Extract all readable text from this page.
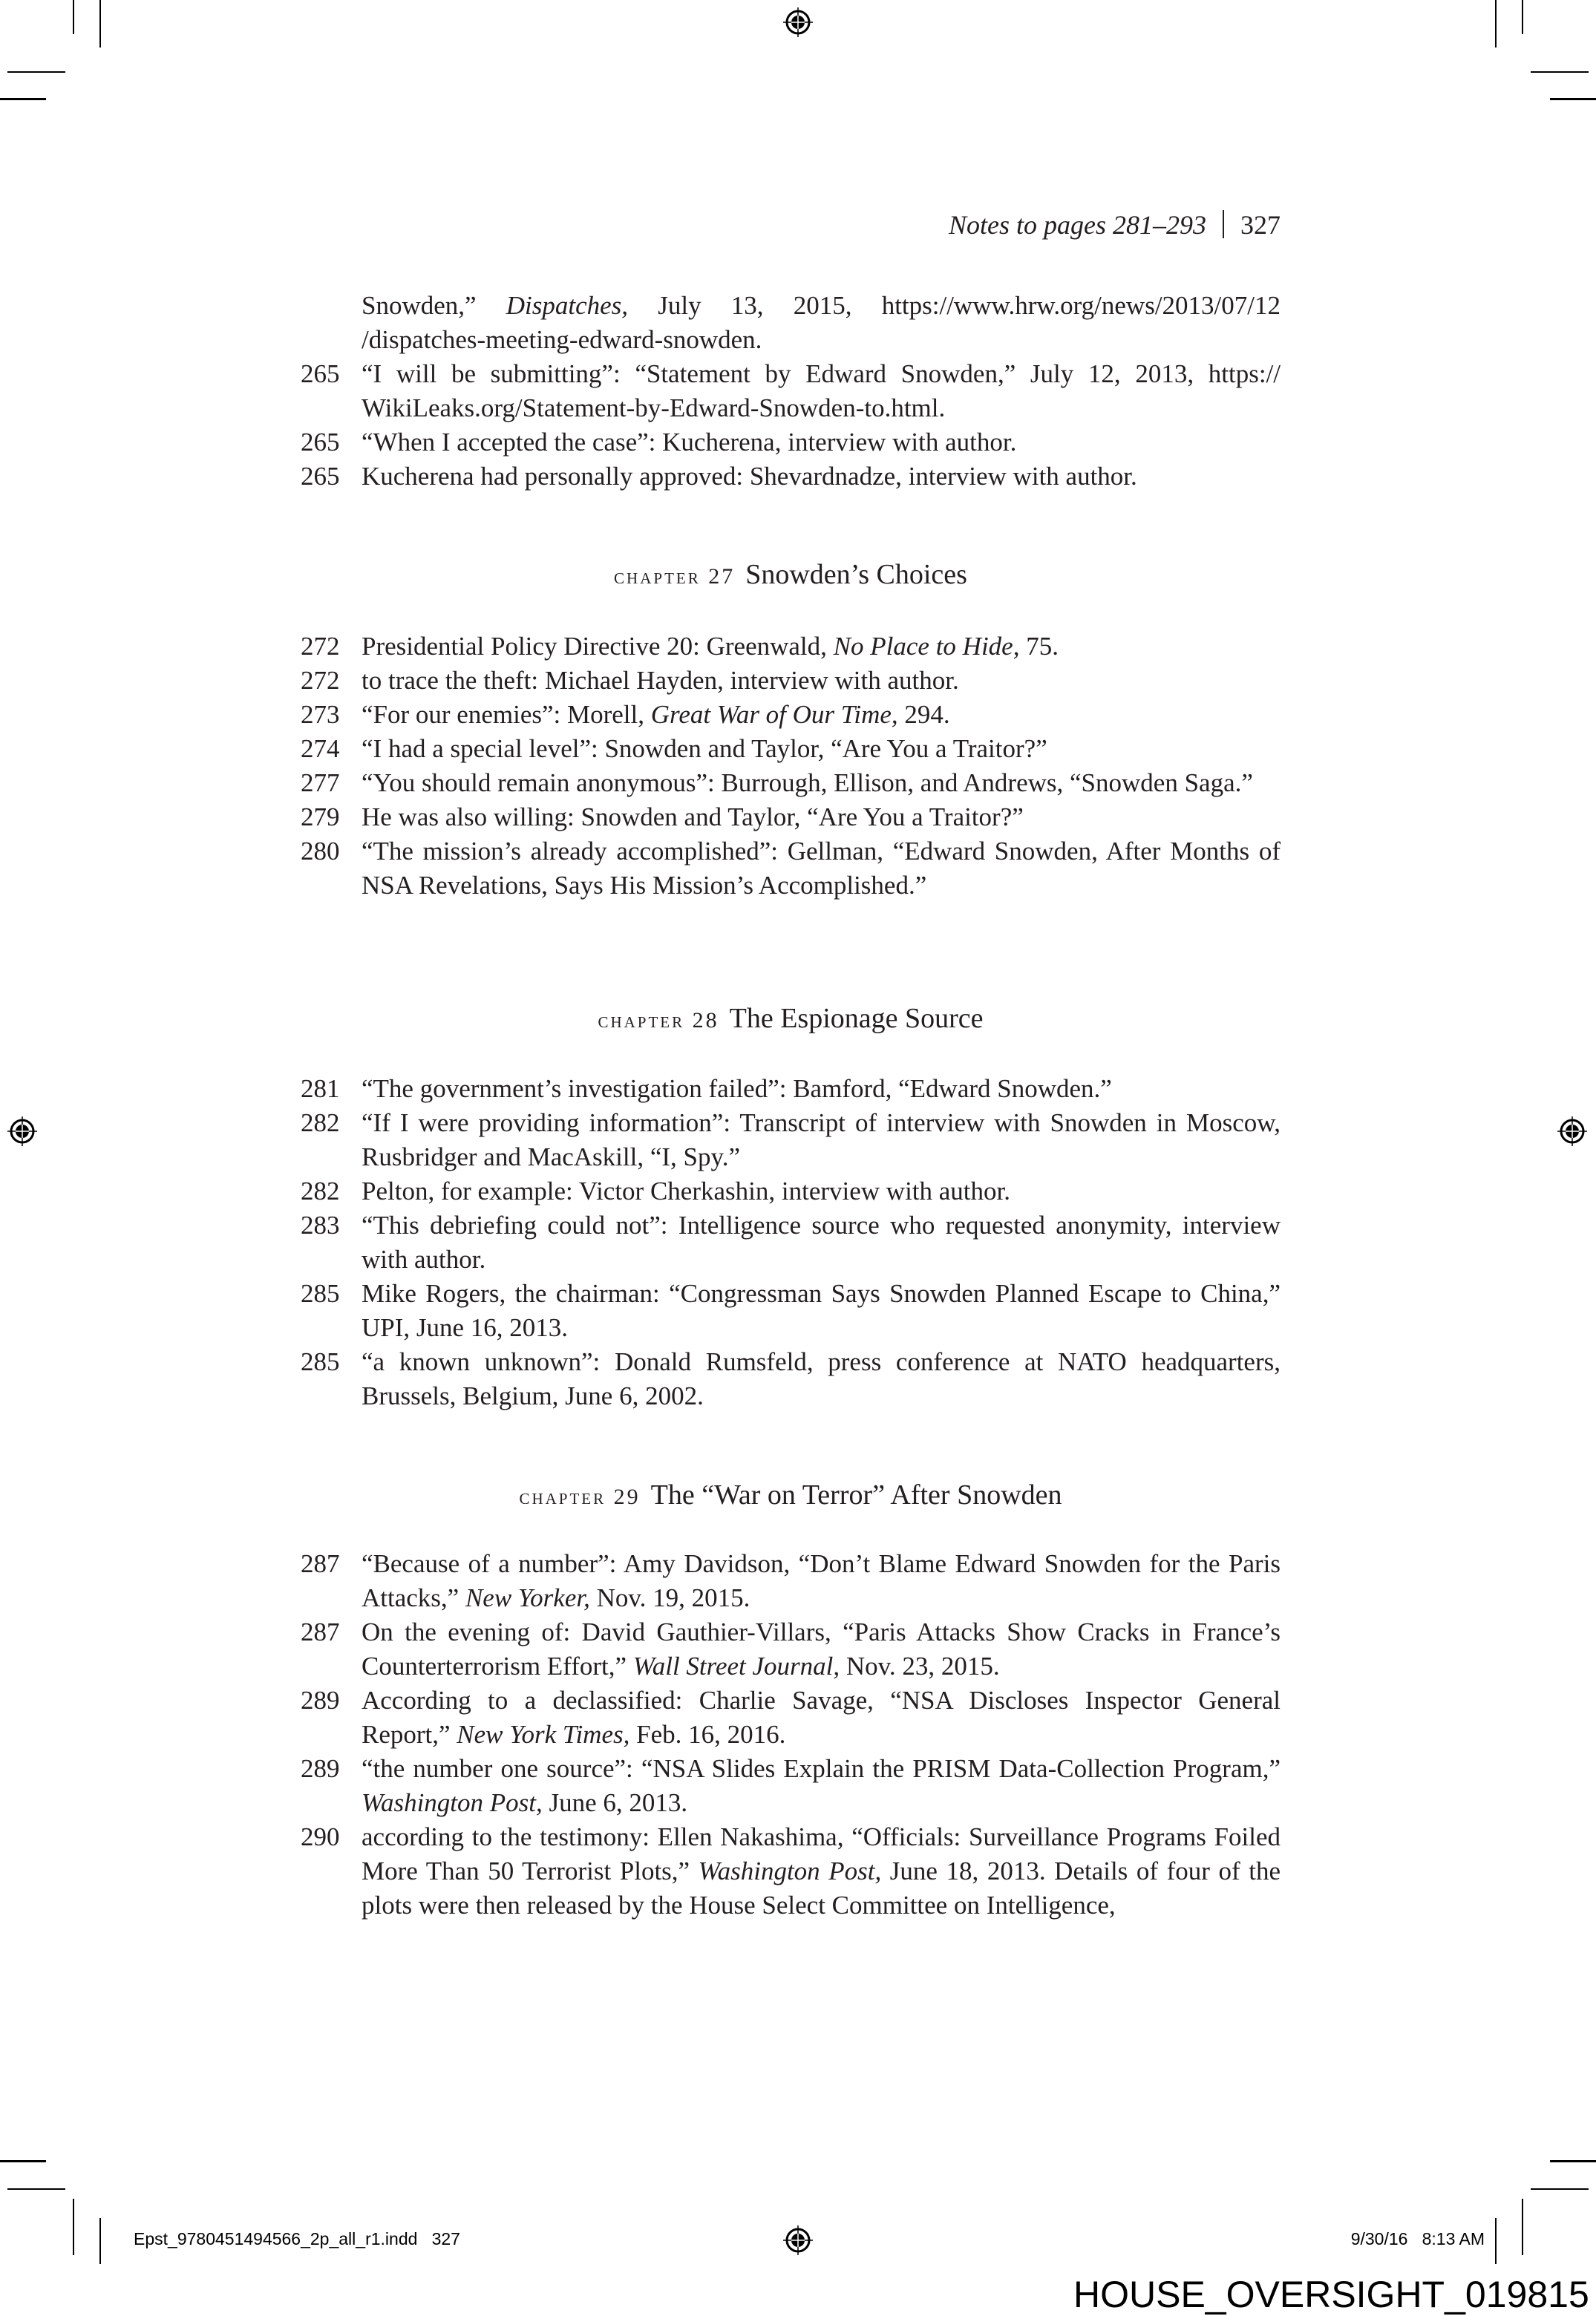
Notes to pages 281–293 327
Snowden,” Dispatches, July 13, 2015, https://www.hrw.org/news/2013/07/12 /dispatches-meeting-edward-snowden.
265 “I will be submitting”: “Statement by Edward Snowden,” July 12, 2013, https:// WikiLeaks.org/Statement-by-Edward-Snowden-to.html.
265 “When I accepted the case”: Kucherena, interview with author.
265 Kucherena had personally approved: Shevardnadze, interview with author.
chapter 27 Snowden’s Choices
272 Presidential Policy Directive 20: Greenwald, No Place to Hide, 75.
272 to trace the theft: Michael Hayden, interview with author.
273 “For our enemies”: Morell, Great War of Our Time, 294.
274 “I had a special level”: Snowden and Taylor, “Are You a Traitor?”
277 “You should remain anonymous”: Burrough, Ellison, and Andrews, “Snowden Saga.”
279 He was also willing: Snowden and Taylor, “Are You a Traitor?”
280 “The mission’s already accomplished”: Gellman, “Edward Snowden, After Months of NSA Revelations, Says His Mission’s Accomplished.”
chapter 28 The Espionage Source
281 “The government’s investigation failed”: Bamford, “Edward Snowden.”
282 “If I were providing information”: Transcript of interview with Snowden in Moscow, Rusbridger and MacAskill, “I, Spy.”
282 Pelton, for example: Victor Cherkashin, interview with author.
283 “This debriefing could not”: Intelligence source who requested anonymity, interview with author.
285 Mike Rogers, the chairman: “Congressman Says Snowden Planned Escape to China,” UPI, June 16, 2013.
285 “a known unknown”: Donald Rumsfeld, press conference at NATO headquarters, Brussels, Belgium, June 6, 2002.
chapter 29 The “War on Terror” After Snowden
287 “Because of a number”: Amy Davidson, “Don’t Blame Edward Snowden for the Paris Attacks,” New Yorker, Nov. 19, 2015.
287 On the evening of: David Gauthier-Villars, “Paris Attacks Show Cracks in France’s Counterterrorism Effort,” Wall Street Journal, Nov. 23, 2015.
289 According to a declassified: Charlie Savage, “NSA Discloses Inspector General Report,” New York Times, Feb. 16, 2016.
289 “the number one source”: “NSA Slides Explain the PRISM Data-Collection Program,” Washington Post, June 6, 2013.
290 according to the testimony: Ellen Nakashima, “Officials: Surveillance Programs Foiled More Than 50 Terrorist Plots,” Washington Post, June 18, 2013. Details of four of the plots were then released by the House Select Committee on Intelligence,
Epst_9780451494566_2p_all_r1.indd   327	9/30/16   8:13 AM
HOUSE_OVERSIGHT_019815
